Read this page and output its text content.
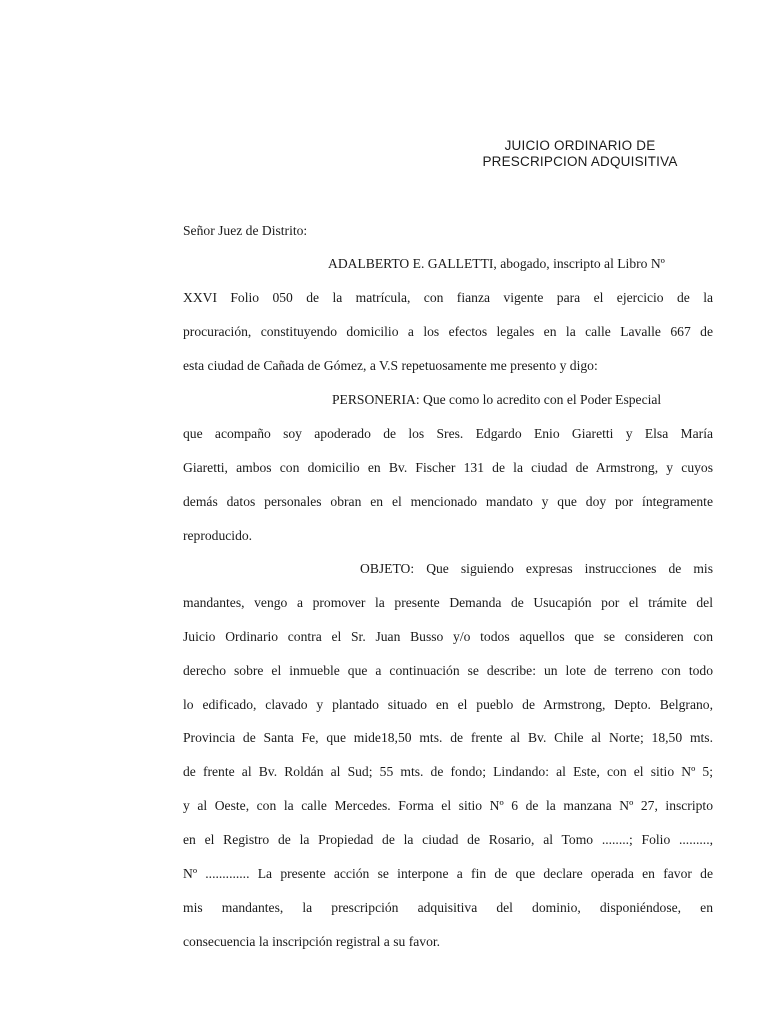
JUICIO ORDINARIO DE
PRESCRIPCION ADQUISITIVA
Señor Juez de Distrito:
ADALBERTO E. GALLETTI, abogado, inscripto al Libro Nº
XXVI Folio 050 de la matrícula, con fianza vigente para el ejercicio de la
procuración, constituyendo domicilio a los efectos legales en la calle Lavalle 667 de
esta ciudad de Cañada de Gómez, a V.S repetuosamente me presento y digo:
PERSONERIA: Que como lo acredito con el Poder Especial
que acompaño soy apoderado de los Sres. Edgardo Enio Giaretti y Elsa María
Giaretti, ambos con domicilio en Bv. Fischer 131 de la ciudad de Armstrong, y cuyos
demás datos personales obran en el mencionado mandato y que doy por íntegramente
reproducido.
OBJETO: Que siguiendo expresas instrucciones de mis
mandantes, vengo a promover la presente Demanda de Usucapión por el trámite del
Juicio Ordinario contra el Sr. Juan Busso y/o todos aquellos que se consideren con
derecho sobre el inmueble que a continuación se describe: un lote de terreno con todo
lo edificado, clavado y plantado situado en el pueblo de Armstrong, Depto. Belgrano,
Provincia de Santa Fe, que mide18,50 mts. de frente al Bv. Chile al Norte; 18,50 mts.
de frente al Bv. Roldán al Sud; 55 mts. de fondo; Lindando: al Este, con el sitio Nº 5;
y al Oeste, con la calle Mercedes. Forma el sitio Nº 6 de la manzana Nº 27, inscripto
en el Registro de la Propiedad de la ciudad de Rosario, al Tomo ........; Folio .........,
Nº ............. La presente acción se interpone a fin de que declare operada en favor de
mis mandantes, la prescripción adquisitiva del dominio, disponiéndose, en
consecuencia la inscripción registral a su favor.
